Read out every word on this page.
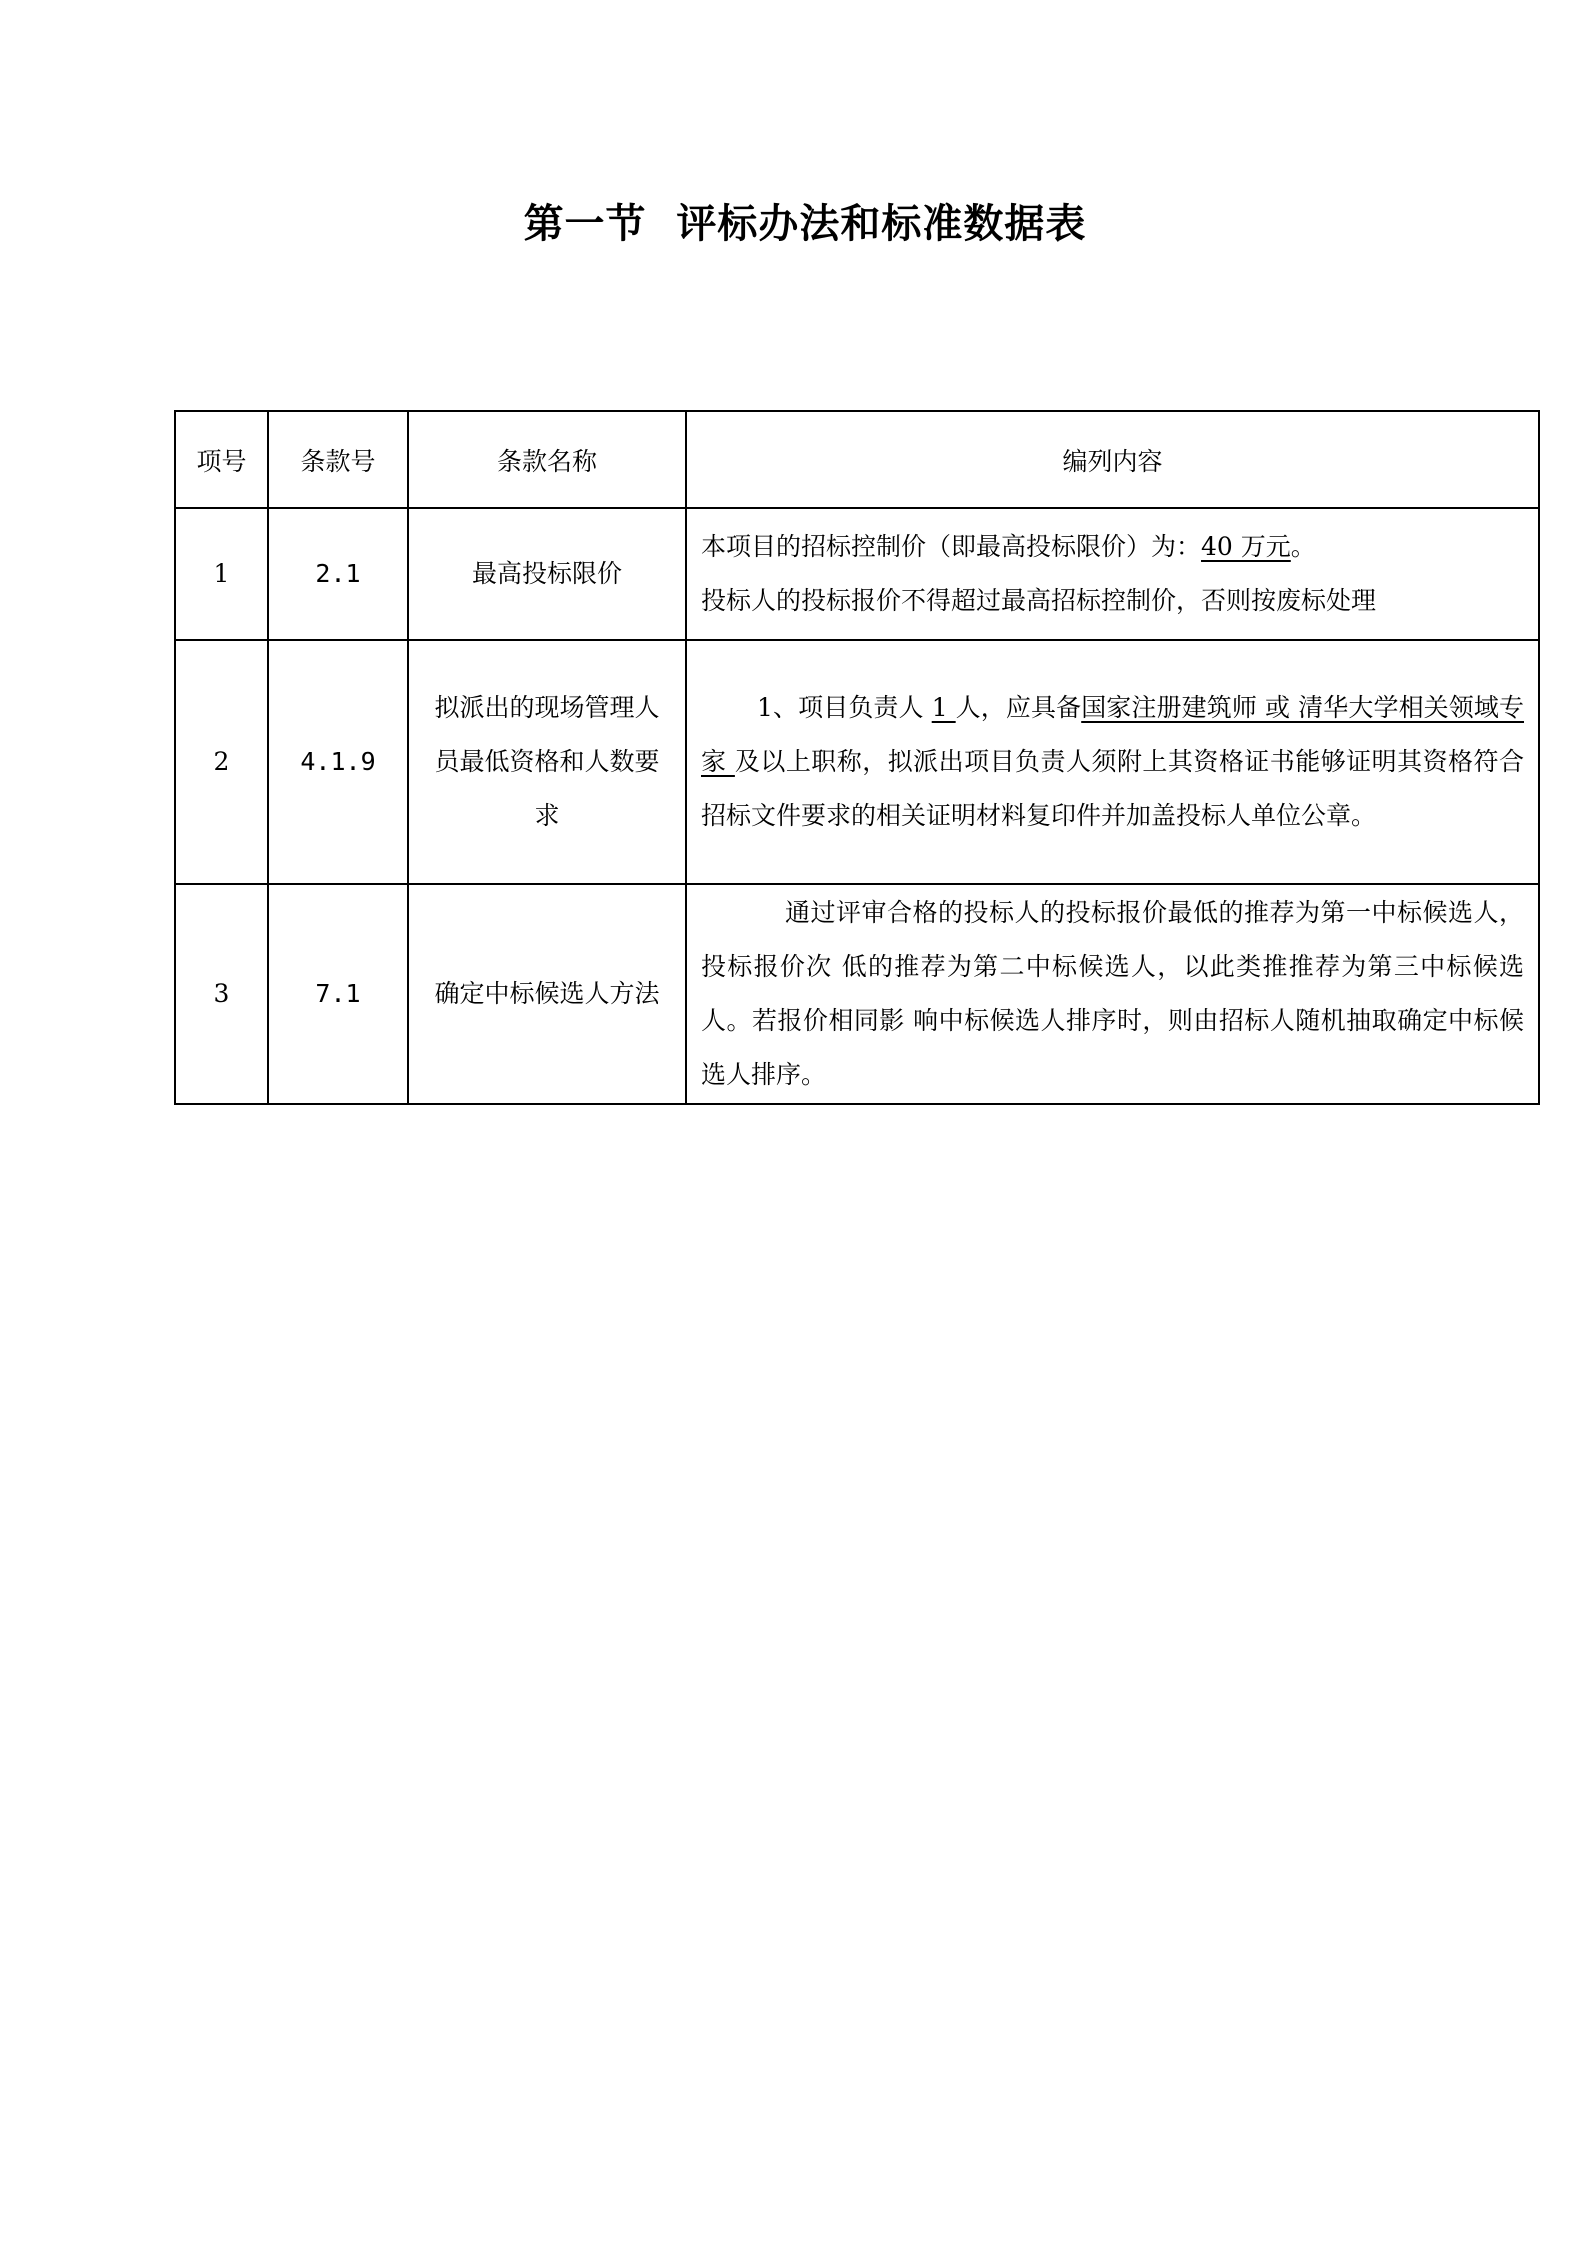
第一节  评标办法和标准数据表
项号	条款号	条款名称	编列内容
1	2.1	最高投标限价	本项目的招标控制价（即最高投标限价）为：40 万元。
投标人的投标报价不得超过最高招标控制价，否则按废标处理

2	4.1.9	拟派出的现场管理人员最低资格和人数要求	1、项目负责人 1 人，应具备国家注册建筑师 或 清华大学相关领域专家 及以上职称，拟派出项目负责人须附上其资格证书能够证明其资格符合招标文件要求的相关证明材料复印件并加盖投标人单位公章。
3	7.1	确定中标候选人方法	通过评审合格的投标人的投标报价最低的推荐为第一中标候选人，投标报价次 低的推荐为第二中标候选人，以此类推推荐为第三中标候选人。若报价相同影 响中标候选人排序时，则由招标人随机抽取确定中标候选人排序。
